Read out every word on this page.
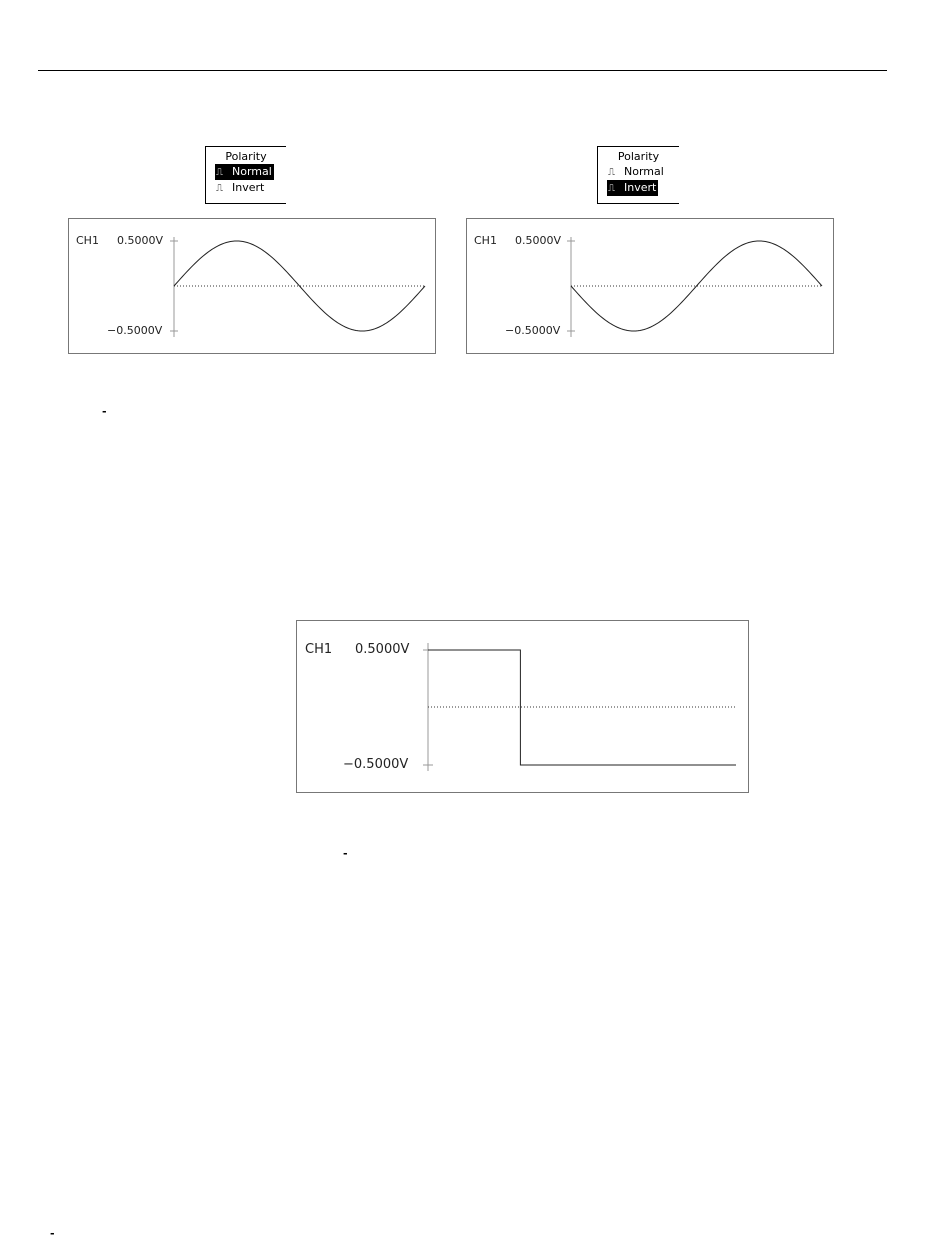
Polarity
⎍ Normal
⎍ Invert
Polarity
⎍ Normal
⎍ Invert
CH1 0.5000V
−0.5000V
CH1 0.5000V
−0.5000V
-
CH1 0.5000V
−0.5000V
-
-
